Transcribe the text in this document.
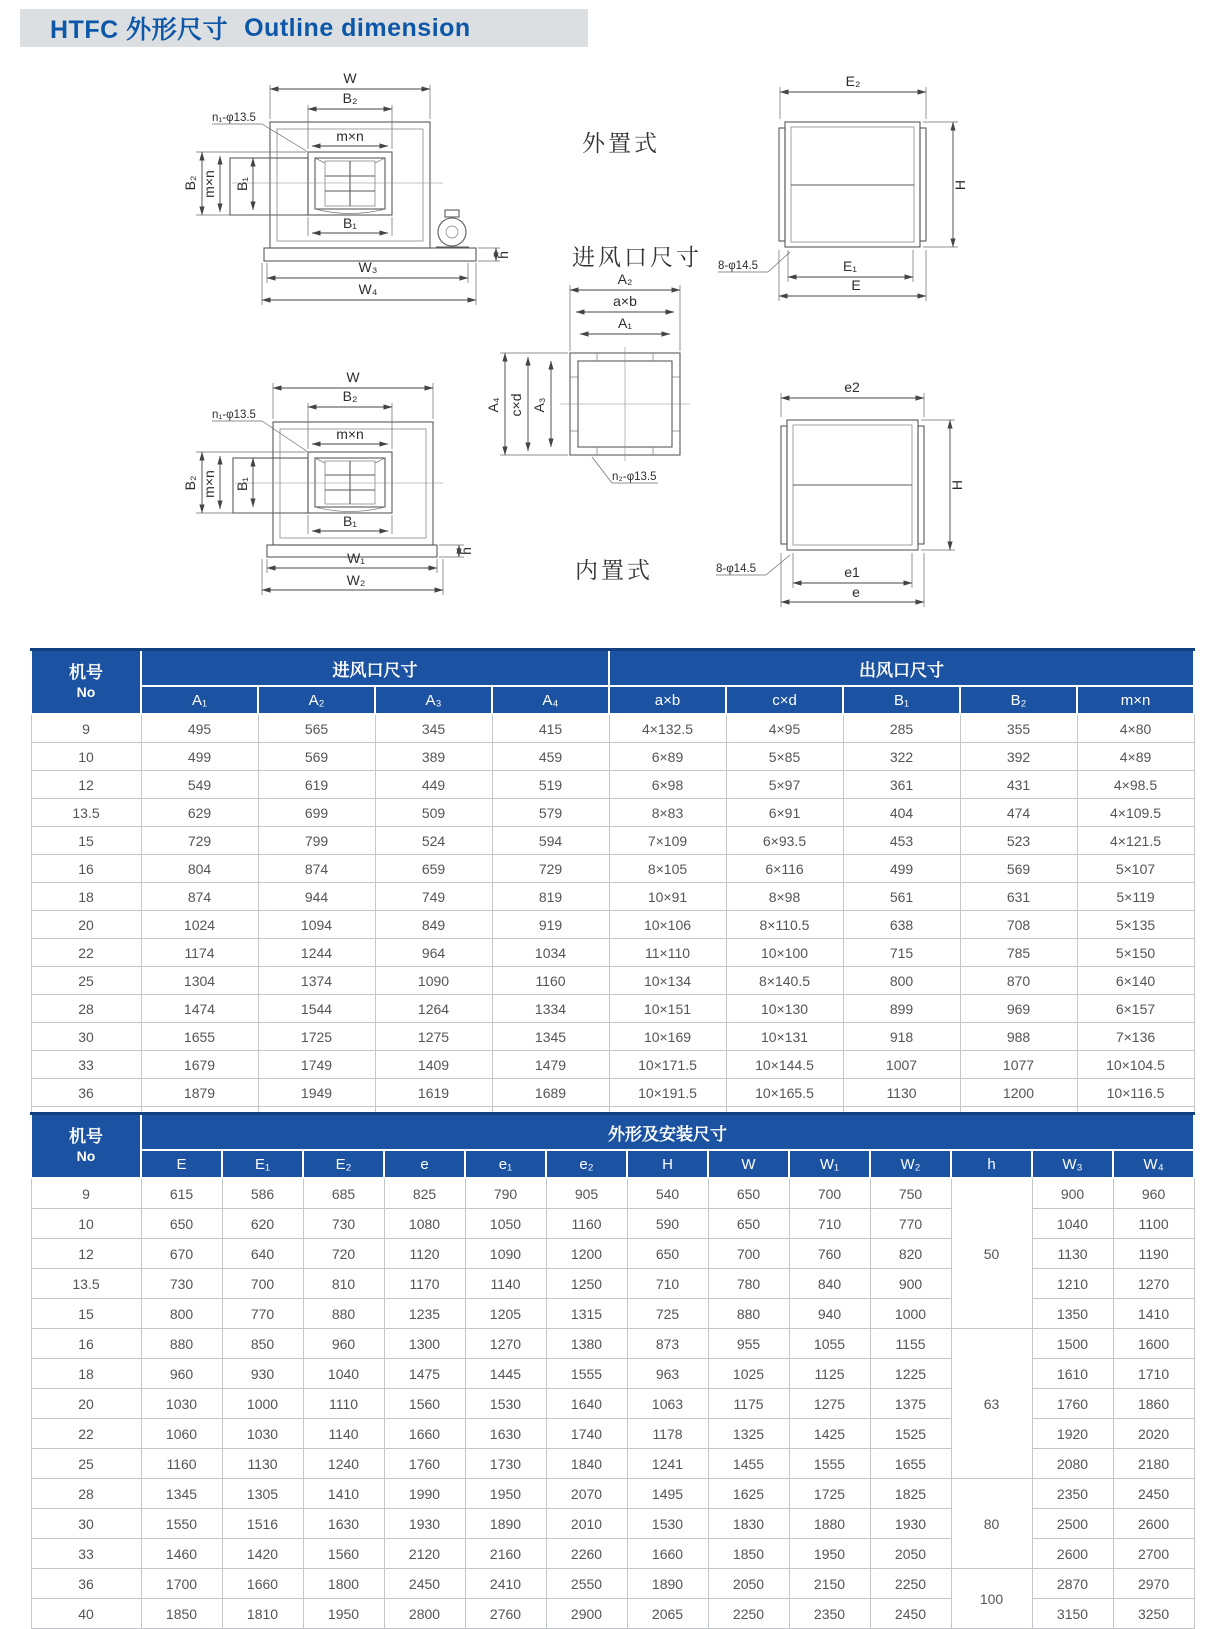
HTFC 外形尺寸 Outline dimension
W
B₂
m×n
B₂ m×n B₁
B₁
W₃
W₄
h
n₁-φ13.5
E₂
H
E₁
E
8-φ14.5
外置式
进风口尺寸
A₂
a×b
A₁
A₄ c×d A₃
n₂-φ13.5
W
B₂
m×n
B₂ m×n B₁
B₁
W₁
W₂
h
n₁-φ13.5
e2
H
e1
e
8-φ14.5
内置式
机号
No	进风口尺寸				出风口尺寸				
	A₁	A₂	A₃	A₄	a×b	c×d	B₁	B₂	m×n
9	495	565	345	415	4×132.5	4×95	285	355	4×80
10	499	569	389	459	6×89	5×85	322	392	4×89
12	549	619	449	519	6×98	5×97	361	431	4×98.5
13.5	629	699	509	579	8×83	6×91	404	474	4×109.5
15	729	799	524	594	7×109	6×93.5	453	523	4×121.5
16	804	874	659	729	8×105	6×116	499	569	5×107
18	874	944	749	819	10×91	8×98	561	631	5×119
20	1024	1094	849	919	10×106	8×110.5	638	708	5×135
22	1174	1244	964	1034	11×110	10×100	715	785	5×150
25	1304	1374	1090	1160	10×134	8×140.5	800	870	6×140
28	1474	1544	1264	1334	10×151	10×130	899	969	6×157
30	1655	1725	1275	1345	10×169	10×131	918	988	7×136
33	1679	1749	1409	1479	10×171.5	10×144.5	1007	1077	10×104.5
36	1879	1949	1619	1689	10×191.5	10×165.5	1130	1200	10×116.5

机号
No	外形及安装尺寸												
	E	E₁	E₂	e	e₁	e₂	H	W	W₁	W₂	h	W₃	W₄
9	615	586	685	825	790	905	540	650	700	750	50	900	960
10	650	620	730	1080	1050	1160	590	650	710	770		1040	1100
12	670	640	720	1120	1090	1200	650	700	760	820		1130	1190
13.5	730	700	810	1170	1140	1250	710	780	840	900		1210	1270
15	800	770	880	1235	1205	1315	725	880	940	1000		1350	1410
16	880	850	960	1300	1270	1380	873	955	1055	1155	63	1500	1600
18	960	930	1040	1475	1445	1555	963	1025	1125	1225		1610	1710
20	1030	1000	1110	1560	1530	1640	1063	1175	1275	1375		1760	1860
22	1060	1030	1140	1660	1630	1740	1178	1325	1425	1525		1920	2020
25	1160	1130	1240	1760	1730	1840	1241	1455	1555	1655		2080	2180
28	1345	1305	1410	1990	1950	2070	1495	1625	1725	1825	80	2350	2450
30	1550	1516	1630	1930	1890	2010	1530	1830	1880	1930		2500	2600
33	1460	1420	1560	2120	2160	2260	1660	1850	1950	2050		2600	2700
36	1700	1660	1800	2450	2410	2550	1890	2050	2150	2250	100	2870	2970
40	1850	1810	1950	2800	2760	2900	2065	2250	2350	2450		3150	3250
